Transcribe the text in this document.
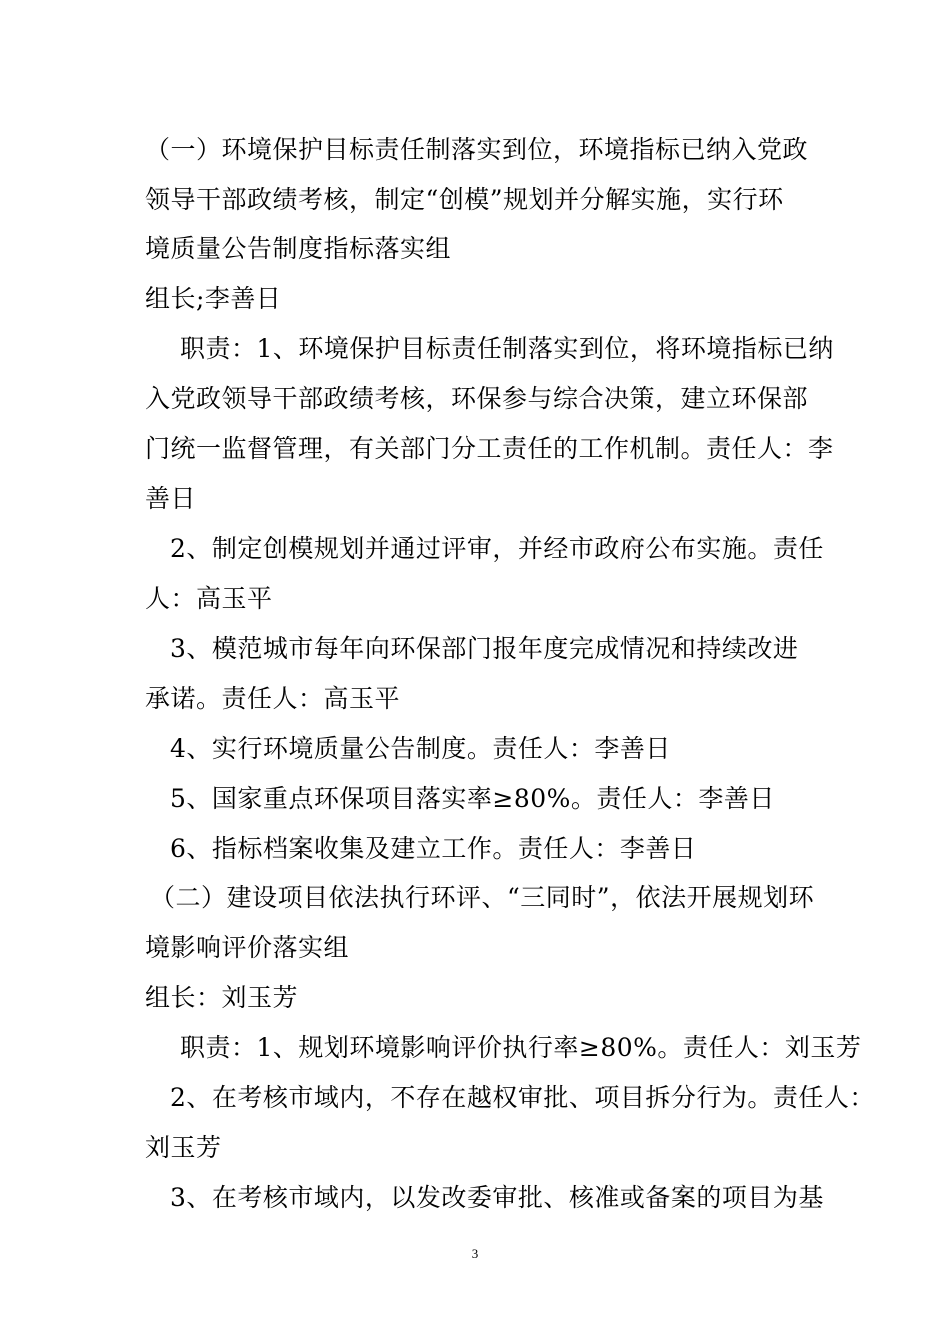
（一）环境保护目标责任制落实到位，环境指标已纳入党政
领导干部政绩考核，制定“创模”规划并分解实施，实行环
境质量公告制度指标落实组
组长;李善日
职责：1、环境保护目标责任制落实到位，将环境指标已纳
入党政领导干部政绩考核，环保参与综合决策，建立环保部
门统一监督管理，有关部门分工责任的工作机制。责任人：李
善日
2、制定创模规划并通过评审，并经市政府公布实施。责任
人：高玉平
3、模范城市每年向环保部门报年度完成情况和持续改进
承诺。责任人：高玉平
4、实行环境质量公告制度。责任人：李善日
5、国家重点环保项目落实率≥80%。责任人：李善日
6、指标档案收集及建立工作。责任人：李善日
（二）建设项目依法执行环评、“三同时”，依法开展规划环
境影响评价落实组
组长：刘玉芳
职责：1、规划环境影响评价执行率≥80%。责任人：刘玉芳
2、在考核市域内，不存在越权审批、项目拆分行为。责任人：
刘玉芳
3、在考核市域内，以发改委审批、核准或备案的项目为基
3
